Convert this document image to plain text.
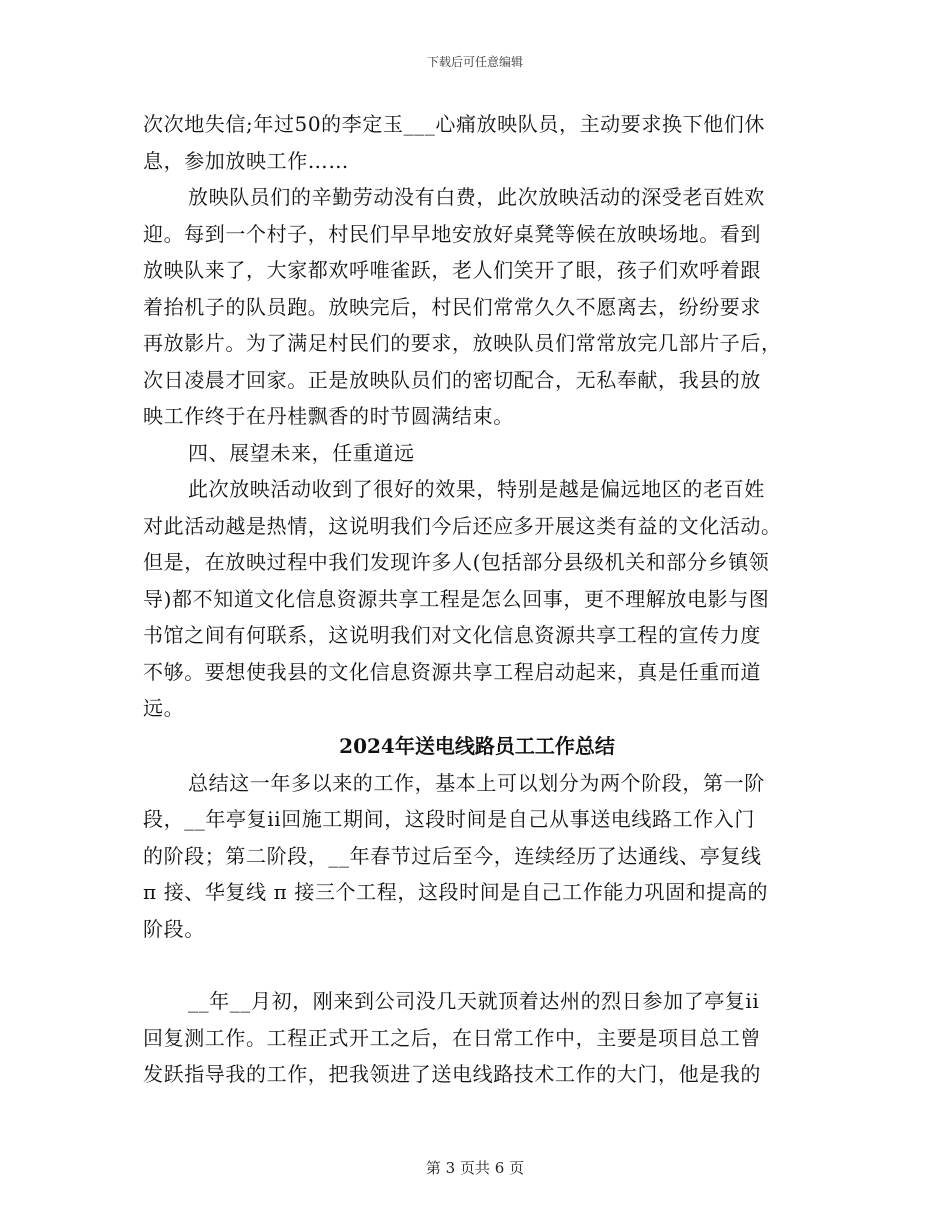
下载后可任意编辑
次次地失信;年过50的李定玉___心痛放映队员，主动要求换下他们休
息，参加放映工作……
放映队员们的辛勤劳动没有白费，此次放映活动的深受老百姓欢
迎。每到一个村子，村民们早早地安放好桌凳等候在放映场地。看到
放映队来了，大家都欢呼唯雀跃，老人们笑开了眼，孩子们欢呼着跟
着抬机子的队员跑。放映完后，村民们常常久久不愿离去，纷纷要求
再放影片。为了满足村民们的要求，放映队员们常常放完几部片子后，
次日凌晨才回家。正是放映队员们的密切配合，无私奉献，我县的放
映工作终于在丹桂飘香的时节圆满结束。
四、展望未来，任重道远
此次放映活动收到了很好的效果，特别是越是偏远地区的老百姓
对此活动越是热情，这说明我们今后还应多开展这类有益的文化活动。
但是，在放映过程中我们发现许多人(包括部分县级机关和部分乡镇领
导)都不知道文化信息资源共享工程是怎么回事，更不理解放电影与图
书馆之间有何联系，这说明我们对文化信息资源共享工程的宣传力度
不够。要想使我县的文化信息资源共享工程启动起来，真是任重而道
远。
2024年送电线路员工工作总结
总结这一年多以来的工作，基本上可以划分为两个阶段，第一阶
段，__年亭复ii回施工期间，这段时间是自己从事送电线路工作入门
的阶段；第二阶段，__年春节过后至今，连续经历了达通线、亭复线
π 接、华复线 π 接三个工程，这段时间是自己工作能力巩固和提高的
阶段。
__年__月初，刚来到公司没几天就顶着达州的烈日参加了亭复ii
回复测工作。工程正式开工之后，在日常工作中，主要是项目总工曾
发跃指导我的工作，把我领进了送电线路技术工作的大门，他是我的
第 3 页共 6 页
